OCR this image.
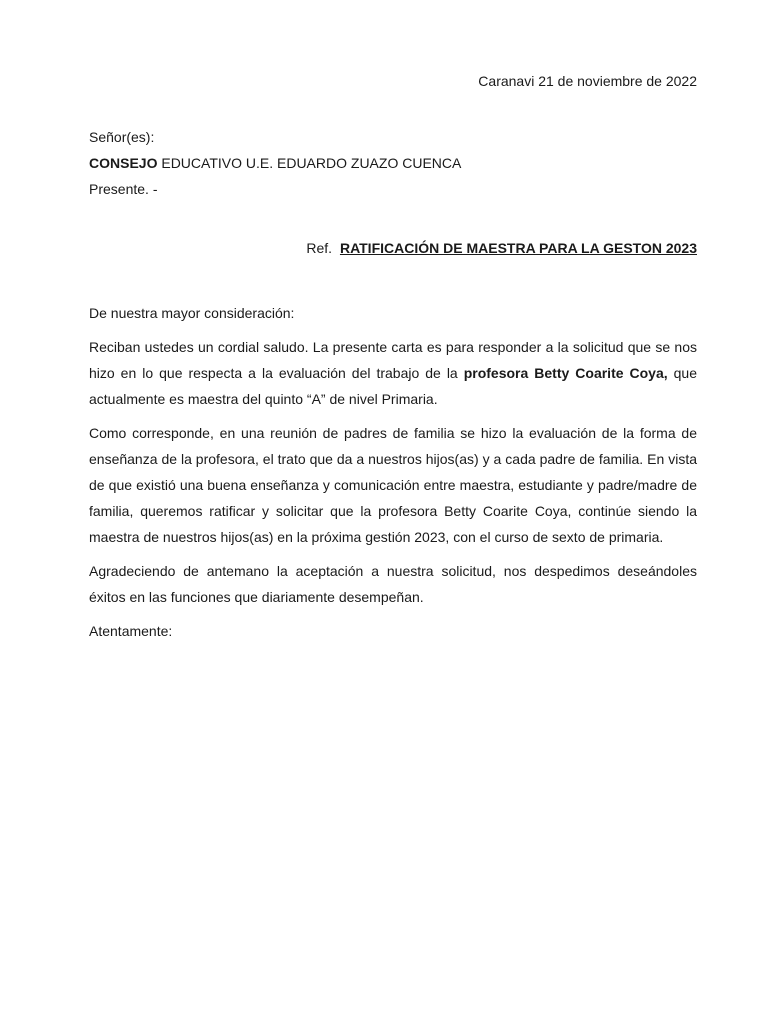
Caranavi 21 de noviembre de 2022

Señor(es):

CONSEJO EDUCATIVO U.E. EDUARDO ZUAZO CUENCA

Presente. -

Ref. RATIFICACIÓN DE MAESTRA PARA LA GESTON 2023

De nuestra mayor consideración:

Reciban ustedes un cordial saludo. La presente carta es para responder a la solicitud que se nos hizo en lo que respecta a la evaluación del trabajo de la profesora Betty Coarite Coya, que actualmente es maestra del quinto “A” de nivel Primaria.

Como corresponde, en una reunión de padres de familia se hizo la evaluación de la forma de enseñanza de la profesora, el trato que da a nuestros hijos(as) y a cada padre de familia. En vista de que existió una buena enseñanza y comunicación entre maestra, estudiante y padre/madre de familia, queremos ratificar y solicitar que la profesora Betty Coarite Coya, continúe siendo la maestra de nuestros hijos(as) en la próxima gestión 2023, con el curso de sexto de primaria.

Agradeciendo de antemano la aceptación a nuestra solicitud, nos despedimos deseándoles éxitos en las funciones que diariamente desempeñan.

Atentamente:
